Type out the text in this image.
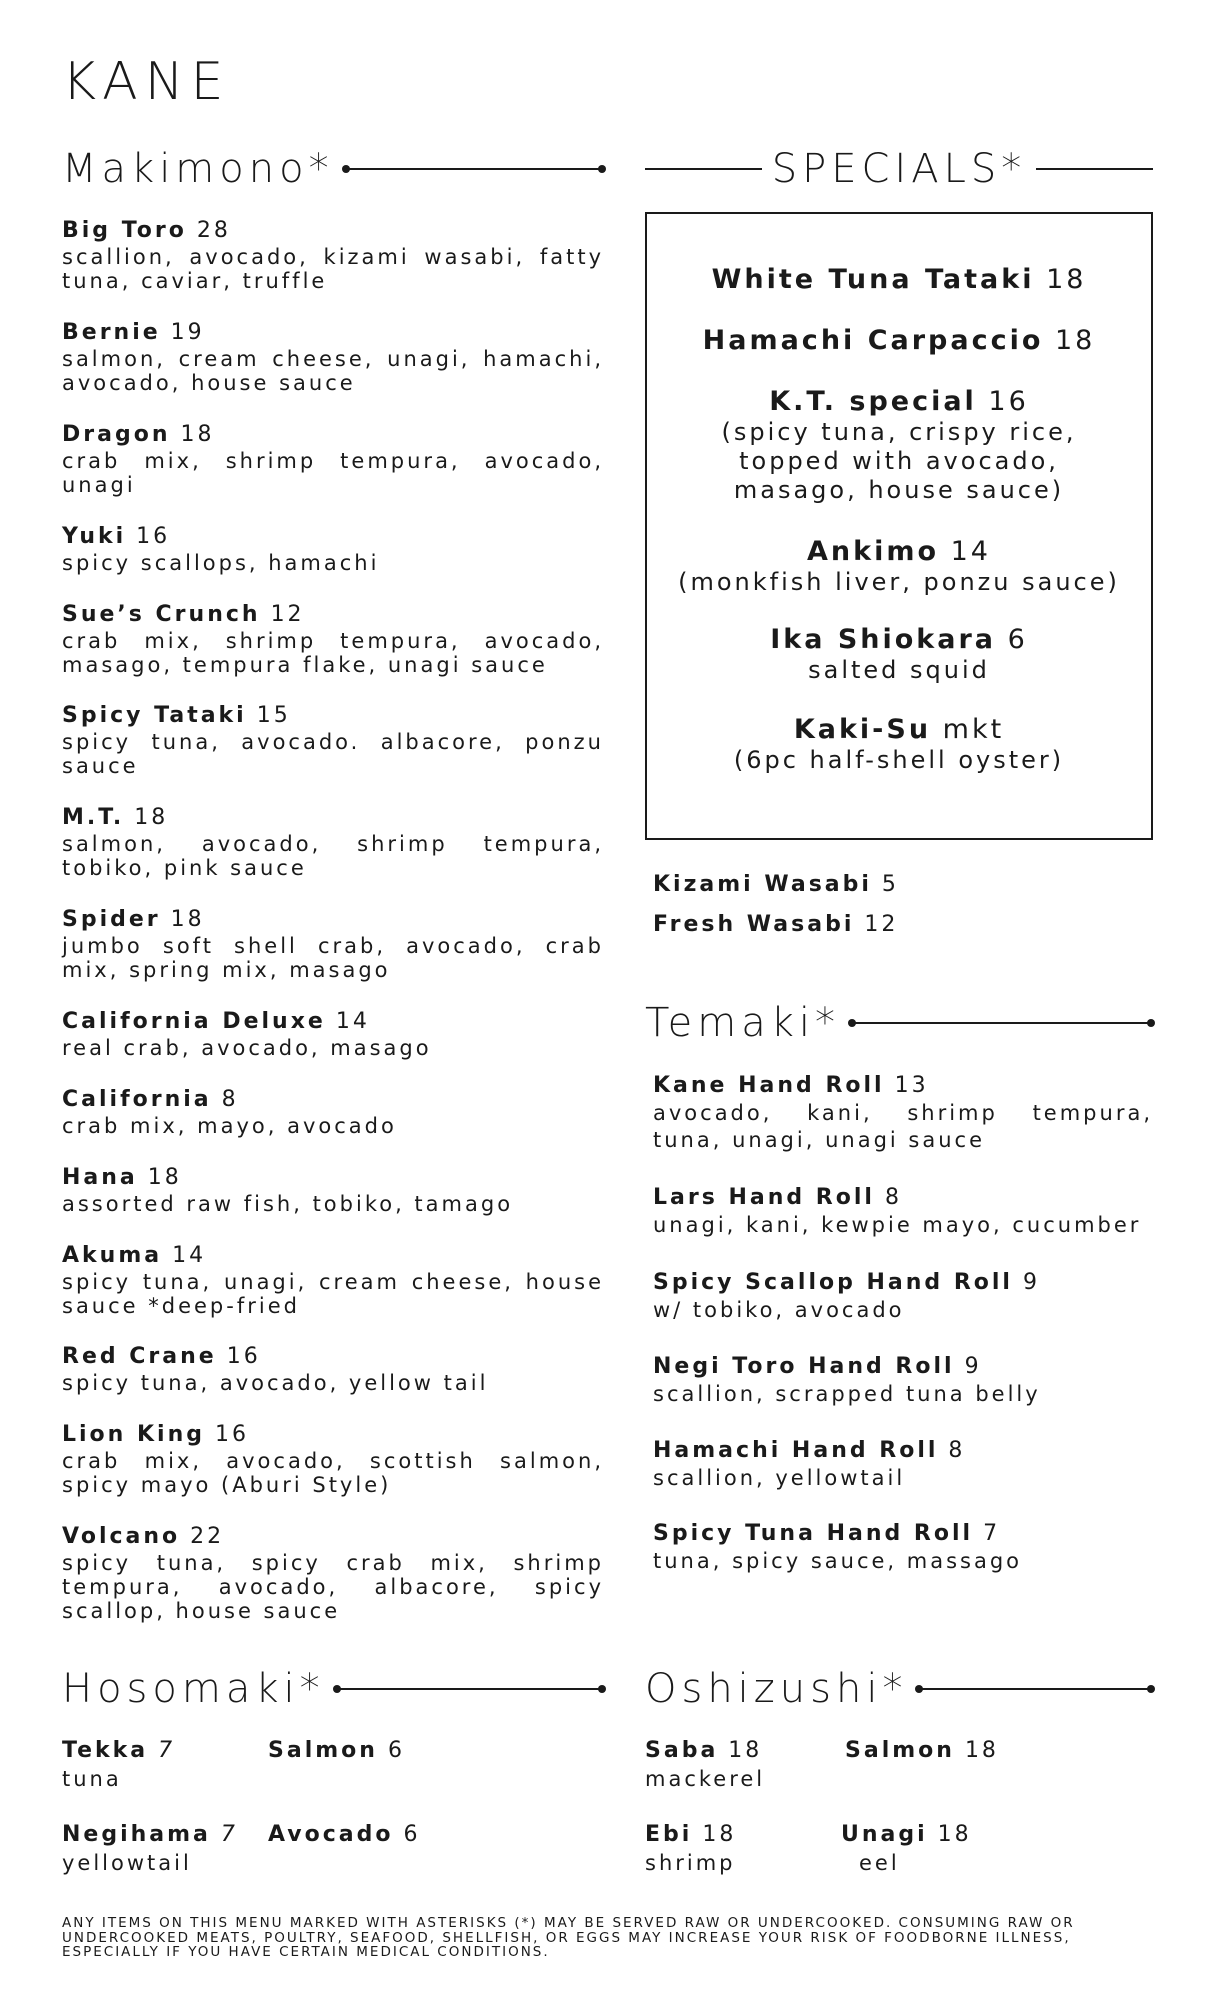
KANE
Makimono*
Big Toro 28
scallion, avocado, kizami wasabi, fatty tuna, caviar, truffle
Bernie 19
salmon, cream cheese, unagi, hamachi, avocado, house sauce
Dragon 18
crab mix, shrimp tempura, avocado, unagi
Yuki 16
spicy scallops, hamachi
Sue’s Crunch 12
crab mix, shrimp tempura, avocado, masago, tempura flake, unagi sauce
Spicy Tataki 15
spicy tuna, avocado. albacore, ponzu sauce
M.T. 18
salmon, avocado, shrimp tempura, tobiko, pink sauce
Spider 18
jumbo soft shell crab, avocado, crab mix, spring mix, masago
California Deluxe 14
real crab, avocado, masago
California 8
crab mix, mayo, avocado
Hana 18
assorted raw fish, tobiko, tamago
Akuma 14
spicy tuna, unagi, cream cheese, house sauce *deep-fried
Red Crane 16
spicy tuna, avocado, yellow tail
Lion King 16
crab mix, avocado, scottish salmon, spicy mayo (Aburi Style)
Volcano 22
spicy tuna, spicy crab mix, shrimp tempura, avocado, albacore, spicy scallop, house sauce
SPECIALS*
White Tuna Tataki 18
Hamachi Carpaccio 18
K.T. special 16
(spicy tuna, crispy rice,
topped with avocado,
masago, house sauce)
Ankimo 14
(monkfish liver, ponzu sauce)
Ika Shiokara 6
salted squid
Kaki-Su mkt
(6pc half-shell oyster)
Kizami Wasabi 5
Fresh Wasabi 12
Temaki*
Kane Hand Roll 13
avocado, kani, shrimp tempura, tuna, unagi, unagi sauce
Lars Hand Roll 8
unagi, kani, kewpie mayo, cucumber
Spicy Scallop Hand Roll 9
w/ tobiko, avocado
Negi Toro Hand Roll 9
scallion, scrapped tuna belly
Hamachi Hand Roll 8
scallion, yellowtail
Spicy Tuna Hand Roll 7
tuna, spicy sauce, massago
Hosomaki*
Tekka 7
tuna
Salmon 6
Negihama 7
yellowtail
Avocado 6
Oshizushi*
Saba 18
mackerel
Salmon 18
Ebi 18
shrimp
Unagi 18
eel
ANY ITEMS ON THIS MENU MARKED WITH ASTERISKS (*) MAY BE SERVED RAW OR UNDERCOOKED. CONSUMING RAW OR UNDERCOOKED MEATS, POULTRY, SEAFOOD, SHELLFISH, OR EGGS MAY INCREASE YOUR RISK OF FOODBORNE ILLNESS, ESPECIALLY IF YOU HAVE CERTAIN MEDICAL CONDITIONS.
